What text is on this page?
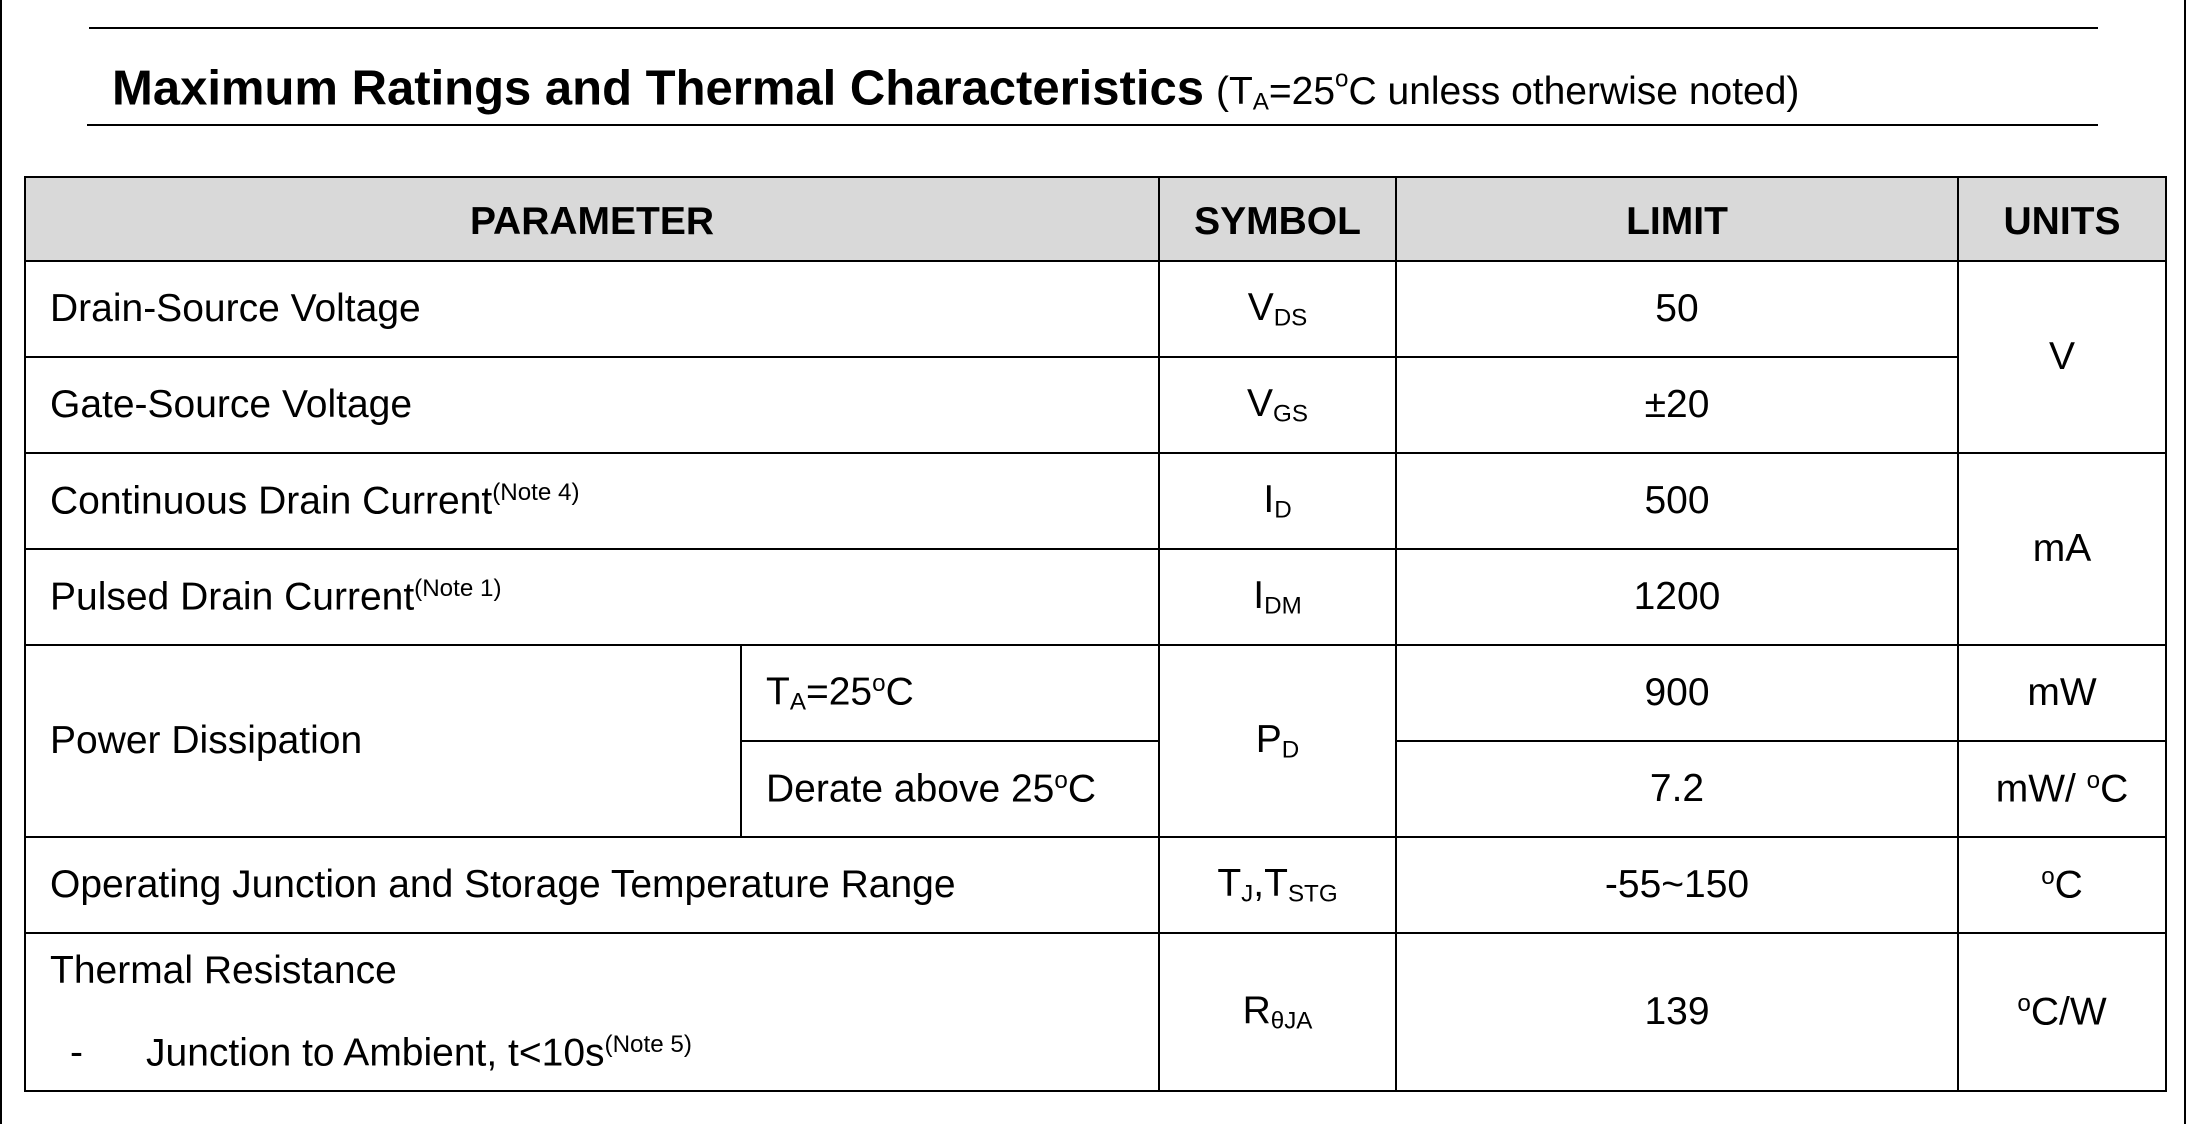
Maximum Ratings and Thermal Characteristics ($T_A=25^oC$ unless otherwise noted)
PARAMETER		SYMBOL	LIMIT	UNITS
Drain-Source Voltage		$V_{DS}$	50	V
Gate-Source Voltage		$V_{GS}$	±20	
Continuous Drain Current$^{(Note 4)}$		$I_D$	500	mA
Pulsed Drain Current$^{(Note 1)}$		$I_{DM}$	1200	
Power Dissipation	$T_A=25^oC$	$P_D$	900	mW
	Derate above 25$^o$C		7.2	mW/ $^o$C
Operating Junction and Storage Temperature Range		$T_J,T_{STG}$	-55~150	$^o$C

Thermal Resistance
- Junction to Ambient, $t<10s^{(Note 5)}$		$R_{\theta JA}$	139	$^o$C/W
